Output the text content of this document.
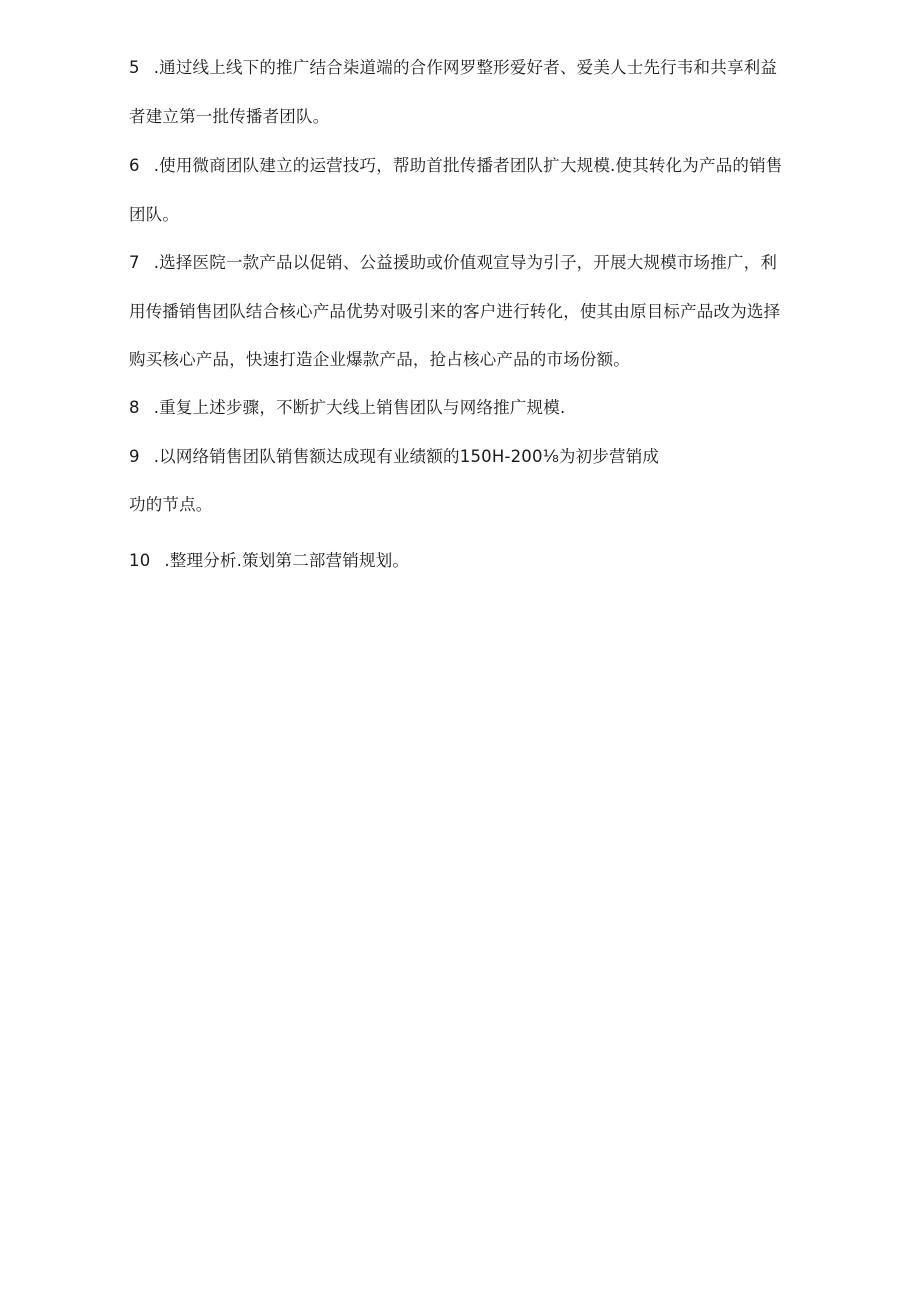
5 .通过线上线下的推广结合柒道端的合作网罗整形爱好者、爱美人士先行韦和共享利益
者建立第一批传播者团队。
6 .使用微商团队建立的运营技巧，帮助首批传播者团队扩大规模.使其转化为产品的销售
团队。
7 .选择医院一款产品以促销、公益援助或价值观宣导为引子，开展大规模市场推广，利
用传播销售团队结合核心产品优势对吸引来的客户进行转化，使其由原目标产品改为选择
购买核心产品，快速打造企业爆款产品，抢占核心产品的市场份额。
8 .重复上述步骤，不断扩大线上销售团队与网络推广规模.
9 .以网络销售团队销售额达成现有业绩额的150H-200⅛为初步营销成
功的节点。
10 .整理分析.策划第二部营销规划。
